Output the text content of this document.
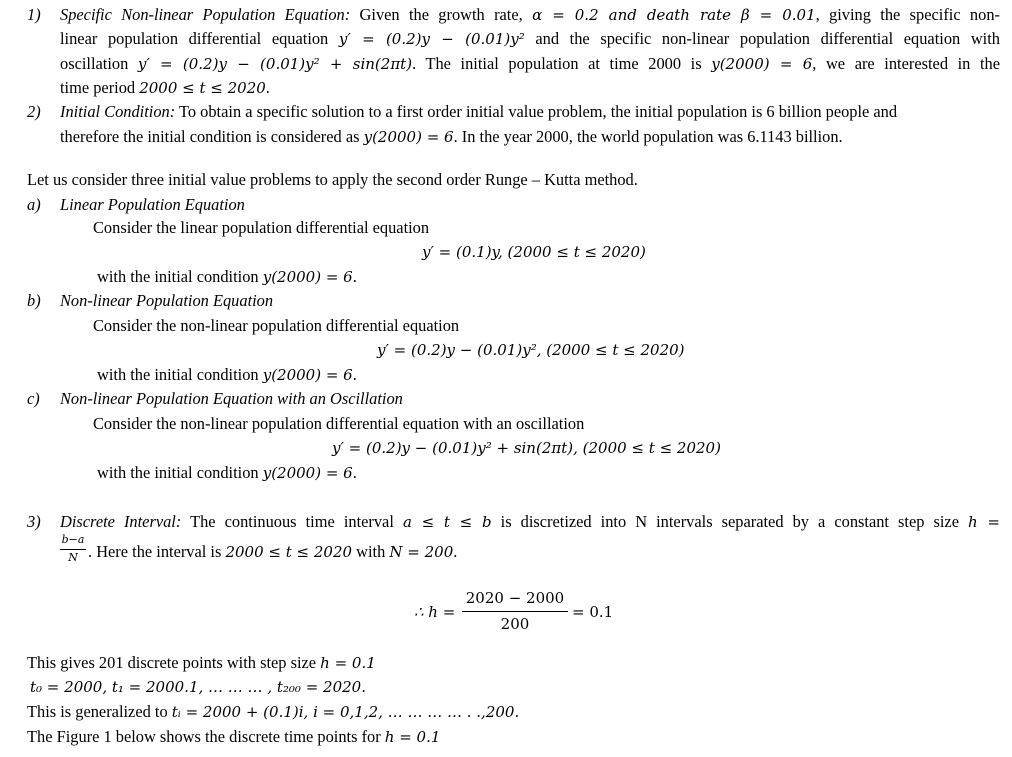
1) Specific Non-linear Population Equation: Given the growth rate, α = 0.2 and death rate β = 0.01, giving the specific non-
linear population differential equation y′ = (0.2)y − (0.01)y² and the specific non-linear population differential equation with
oscillation y′ = (0.2)y − (0.01)y² + sin(2πt). The initial population at time 2000 is y(2000) = 6, we are interested in the
time period 2000 ≤ t ≤ 2020.
2) Initial Condition: To obtain a specific solution to a first order initial value problem, the initial population is 6 billion people and
therefore the initial condition is considered as y(2000) = 6. In the year 2000, the world population was 6.1143 billion.
Let us consider three initial value problems to apply the second order Runge – Kutta method.
a) Linear Population Equation
Consider the linear population differential equation
y′ = (0.1)y, (2000 ≤ t ≤ 2020)
with the initial condition y(2000) = 6.
b) Non-linear Population Equation
Consider the non-linear population differential equation
y′ = (0.2)y − (0.01)y², (2000 ≤ t ≤ 2020)
with the initial condition y(2000) = 6.
c) Non-linear Population Equation with an Oscillation
Consider the non-linear population differential equation with an oscillation
y′ = (0.2)y − (0.01)y² + sin(2πt), (2000 ≤ t ≤ 2020)
with the initial condition y(2000) = 6.
3) Discrete Interval: The continuous time interval a ≤ t ≤ b is discretized into N intervals separated by a constant step size h =
b−a
N . Here the interval is 2000 ≤ t ≤ 2020 with N = 200.
∴ h =
2020 − 2000
200
= 0.1
This gives 201 discrete points with step size h = 0.1
t₀ = 2000, t₁ = 2000.1, … … … , t₂₀₀ = 2020.
This is generalized to tᵢ = 2000 + (0.1)i, i = 0,1,2, … … … … . .,200.
The Figure 1 below shows the discrete time points for h = 0.1
